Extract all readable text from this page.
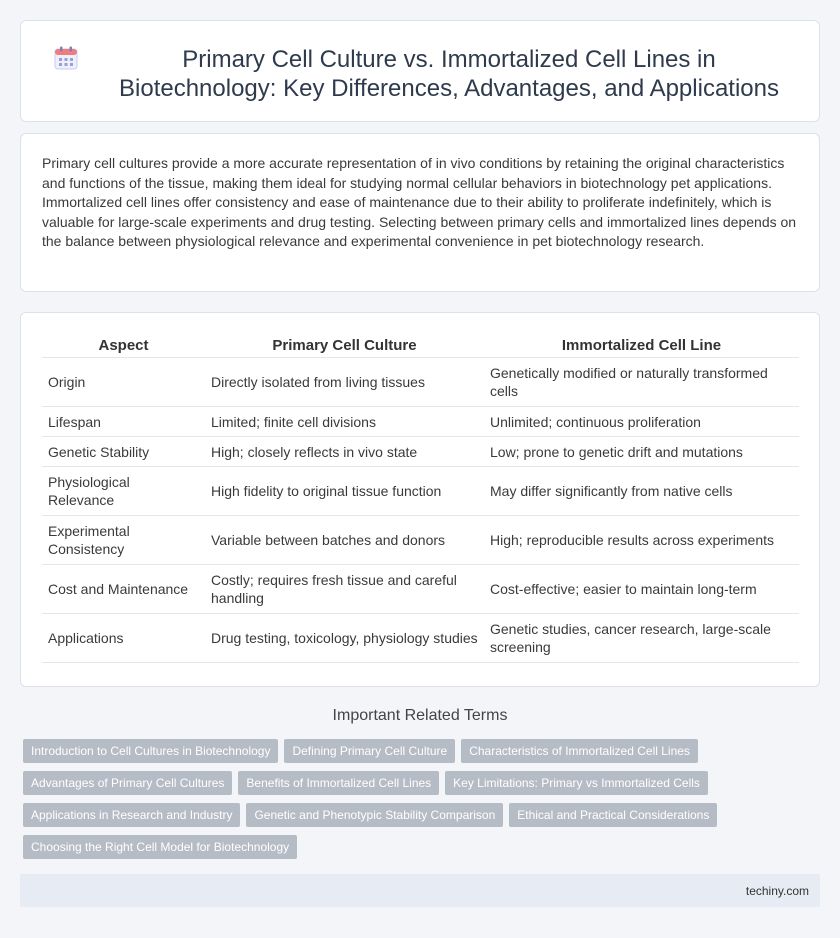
Primary Cell Culture vs. Immortalized Cell Lines in Biotechnology: Key Differences, Advantages, and Applications

Primary cell cultures provide a more accurate representation of in vivo conditions by retaining the original characteristics and functions of the tissue, making them ideal for studying normal cellular behaviors in biotechnology pet applications. Immortalized cell lines offer consistency and ease of maintenance due to their ability to proliferate indefinitely, which is valuable for large-scale experiments and drug testing. Selecting between primary cells and immortalized lines depends on the balance between physiological relevance and experimental convenience in pet biotechnology research.

Aspect	Primary Cell Culture	Immortalized Cell Line
Origin	Directly isolated from living tissues	Genetically modified or naturally transformed cells
Lifespan	Limited; finite cell divisions	Unlimited; continuous proliferation
Genetic Stability	High; closely reflects in vivo state	Low; prone to genetic drift and mutations
Physiological Relevance	High fidelity to original tissue function	May differ significantly from native cells
Experimental Consistency	Variable between batches and donors	High; reproducible results across experiments
Cost and Maintenance	Costly; requires fresh tissue and careful handling	Cost-effective; easier to maintain long-term
Applications	Drug testing, toxicology, physiology studies	Genetic studies, cancer research, large-scale screening
Important Related Terms
Introduction to Cell Cultures in Biotechnology	Defining Primary Cell Culture	Characteristics of Immortalized Cell Lines
Advantages of Primary Cell Cultures	Benefits of Immortalized Cell Lines	Key Limitations: Primary vs Immortalized Cells
Applications in Research and Industry	Genetic and Phenotypic Stability Comparison	Ethical and Practical Considerations
Choosing the Right Cell Model for Biotechnology
techiny.com
